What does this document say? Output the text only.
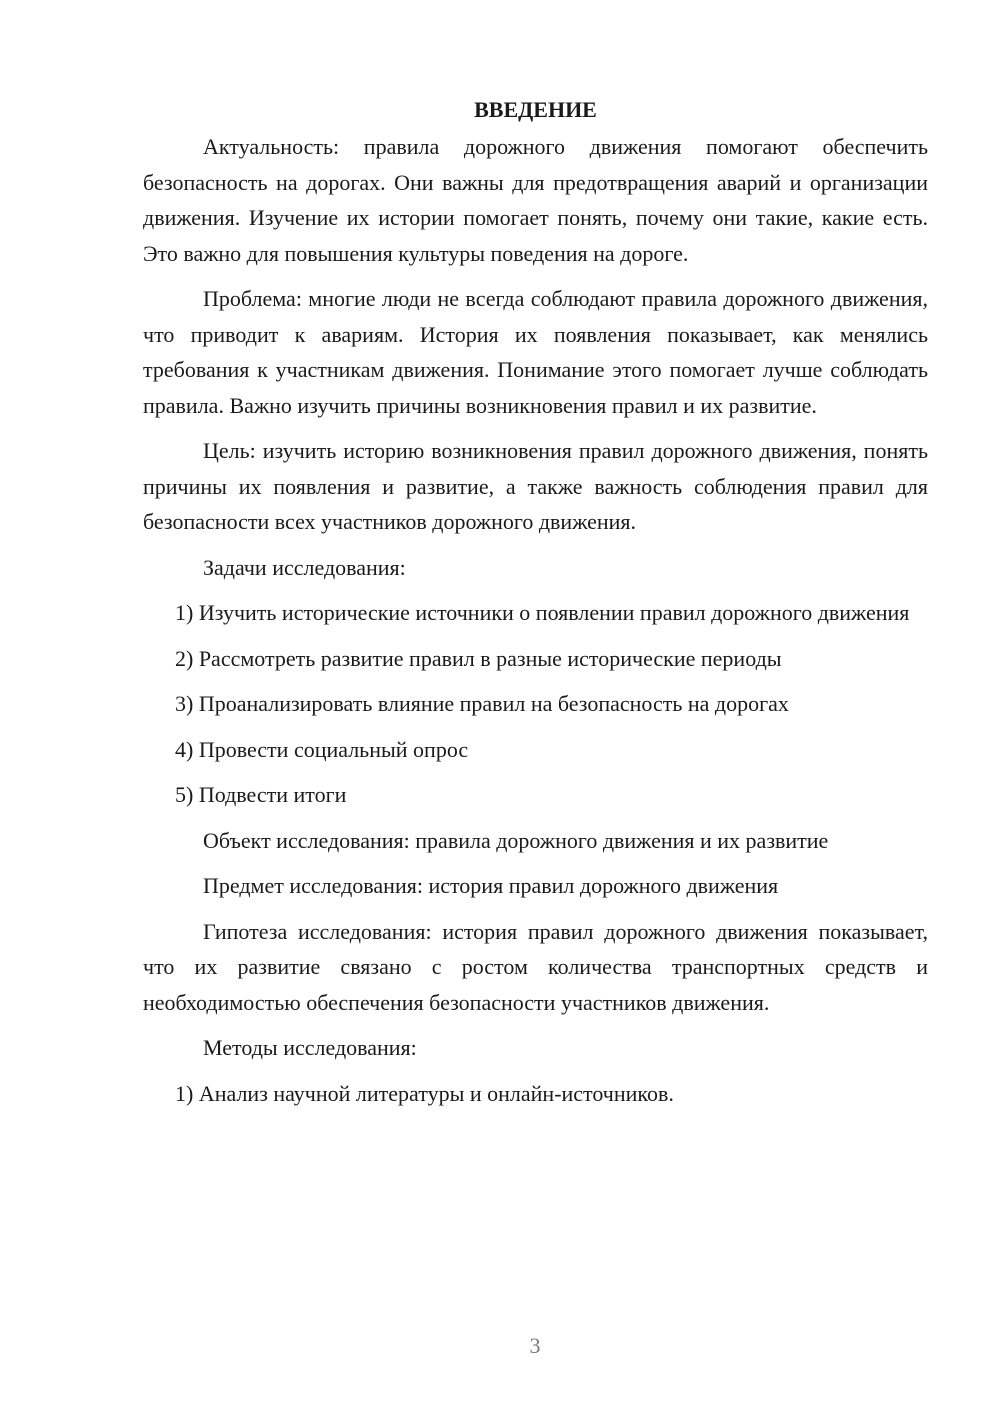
ВВЕДЕНИЕ

Актуальность: правила дорожного движения помогают обеспечить безопасность на дорогах. Они важны для предотвращения аварий и организации движения. Изучение их истории помогает понять, почему они такие, какие есть. Это важно для повышения культуры поведения на дороге.

Проблема: многие люди не всегда соблюдают правила дорожного движения, что приводит к авариям. История их появления показывает, как менялись требования к участникам движения. Понимание этого помогает лучше соблюдать правила. Важно изучить причины возникновения правил и их развитие.

Цель: изучить историю возникновения правил дорожного движения, понять причины их появления и развитие, а также важность соблюдения правил для безопасности всех участников дорожного движения.

Задачи исследования:

1) Изучить исторические источники о появлении правил дорожного движения

2) Рассмотреть развитие правил в разные исторические периоды

3) Проанализировать влияние правил на безопасность на дорогах

4) Провести социальный опрос

5) Подвести итоги

Объект исследования: правила дорожного движения и их развитие

Предмет исследования: история правил дорожного движения

Гипотеза исследования: история правил дорожного движения показывает, что их развитие связано с ростом количества транспортных средств и необходимостью обеспечения безопасности участников движения.

Методы исследования:

1) Анализ научной литературы и онлайн-источников.

3
